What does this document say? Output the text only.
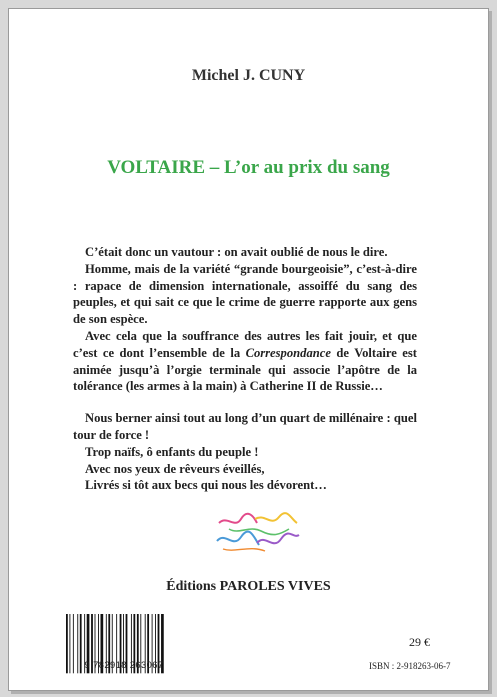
Michel J. CUNY
VOLTAIRE – L’or au prix du sang

C’était donc un vautour : on avait oublié de nous le dire.

Homme, mais de la variété “grande bourgeoisie”, c’est-à-dire : rapace de dimension internationale, assoiffé du sang des peuples, et qui sait ce que le crime de guerre rapporte aux gens de son espèce.

Avec cela que la souffrance des autres les fait jouir, et que c’est ce dont l’ensemble de la Correspondance de Voltaire est animée jusqu’à l’orgie terminale qui associe l’apôtre de la tolérance (les armes à la main) à Catherine II de Russie…

Nous berner ainsi tout au long d’un quart de millénaire : quel tour de force !

Trop naïfs, ô enfants du peuple !

Avec nos yeux de rêveurs éveillés,

Livrés si tôt aux becs qui nous les dévorent…

Éditions PAROLES VIVES
9 782918 263067
29 €
ISBN : 2-918263-06-7
